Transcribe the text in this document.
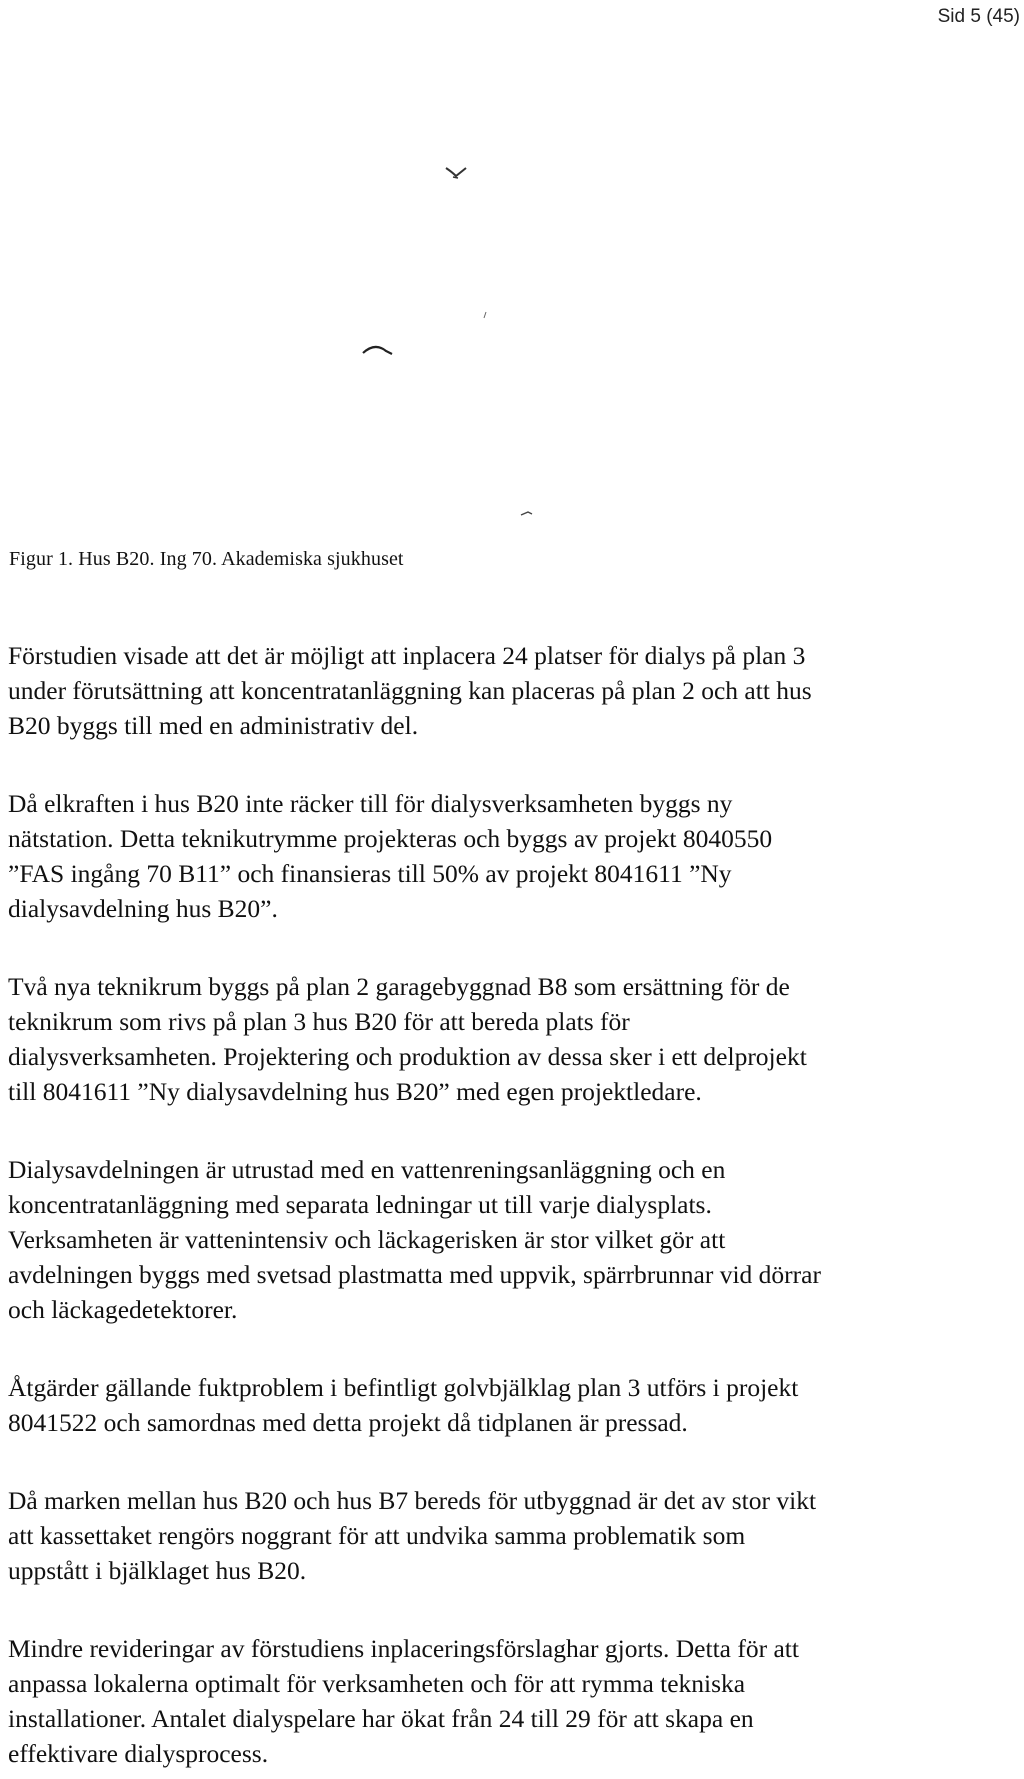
Sid 5 (45)
Figur 1. Hus B20. Ing 70. Akademiska sjukhuset

Förstudien visade att det är möjligt att inplacera 24 platser för dialys på plan 3
under förutsättning att koncentratanläggning kan placeras på plan 2 och att hus
B20 byggs till med en administrativ del.

Då elkraften i hus B20 inte räcker till för dialysverksamheten byggs ny
nätstation. Detta teknikutrymme projekteras och byggs av projekt 8040550
”FAS ingång 70 B11” och finansieras till 50% av projekt 8041611 ”Ny
dialysavdelning hus B20”.

Två nya teknikrum byggs på plan 2 garagebyggnad B8 som ersättning för de
teknikrum som rivs på plan 3 hus B20 för att bereda plats för
dialysverksamheten. Projektering och produktion av dessa sker i ett delprojekt
till 8041611 ”Ny dialysavdelning hus B20” med egen projektledare.

Dialysavdelningen är utrustad med en vattenreningsanläggning och en
koncentratanläggning med separata ledningar ut till varje dialysplats.
Verksamheten är vattenintensiv och läckagerisken är stor vilket gör att
avdelningen byggs med svetsad plastmatta med uppvik, spärrbrunnar vid dörrar
och läckagedetektorer.

Åtgärder gällande fuktproblem i befintligt golvbjälklag plan 3 utförs i projekt
8041522 och samordnas med detta projekt då tidplanen är pressad.

Då marken mellan hus B20 och hus B7 bereds för utbyggnad är det av stor vikt
att kassettaket rengörs noggrant för att undvika samma problematik som
uppstått i bjälklaget hus B20.

Mindre revideringar av förstudiens inplaceringsförslaghar gjorts. Detta för att
anpassa lokalerna optimalt för verksamheten och för att rymma tekniska
installationer. Antalet dialyspelare har ökat från 24 till 29 för att skapa en
effektivare dialysprocess.
